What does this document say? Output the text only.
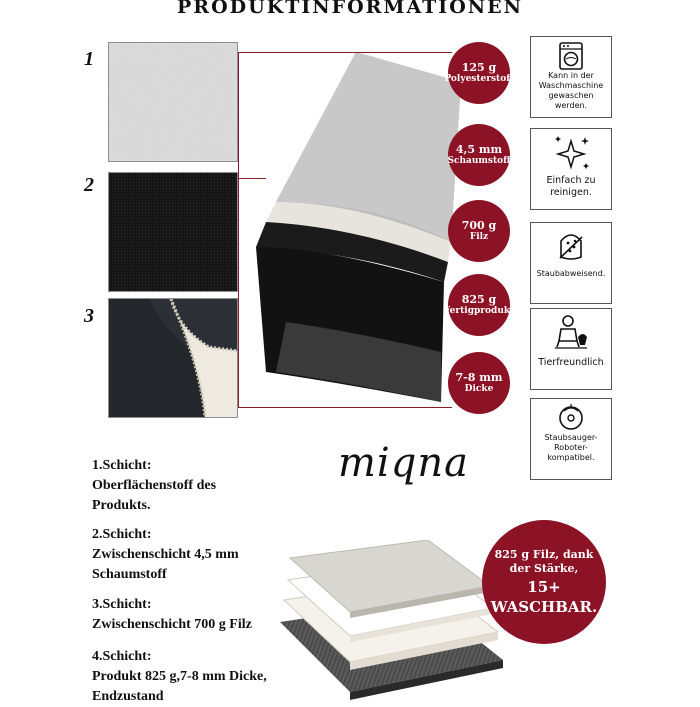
PRODUKTINFORMATIONEN
1
2
3
125 g
Polyesterstoff
4,5 mm
Schaumstoff
700 g
Filz
825 g
Fertigprodukt
7-8 mm
Dicke
Kann in der
Waschmaschine
gewaschen
werden.
Einfach zu
reinigen.
Staubabweisend.
Tierfreundlich
Staubsauger-
Roboter-
kompatibel.
miqna
1.Schicht:
Oberflächenstoff des
Produkts.
2.Schicht:
Zwischenschicht 4,5 mm
Schaumstoff
3.Schicht:
Zwischenschicht 700 g Filz
4.Schicht:
Produkt 825 g,7-8 mm Dicke,
Endzustand
825 g Filz, dank
der Stärke,
15+
WASCHBAR.
